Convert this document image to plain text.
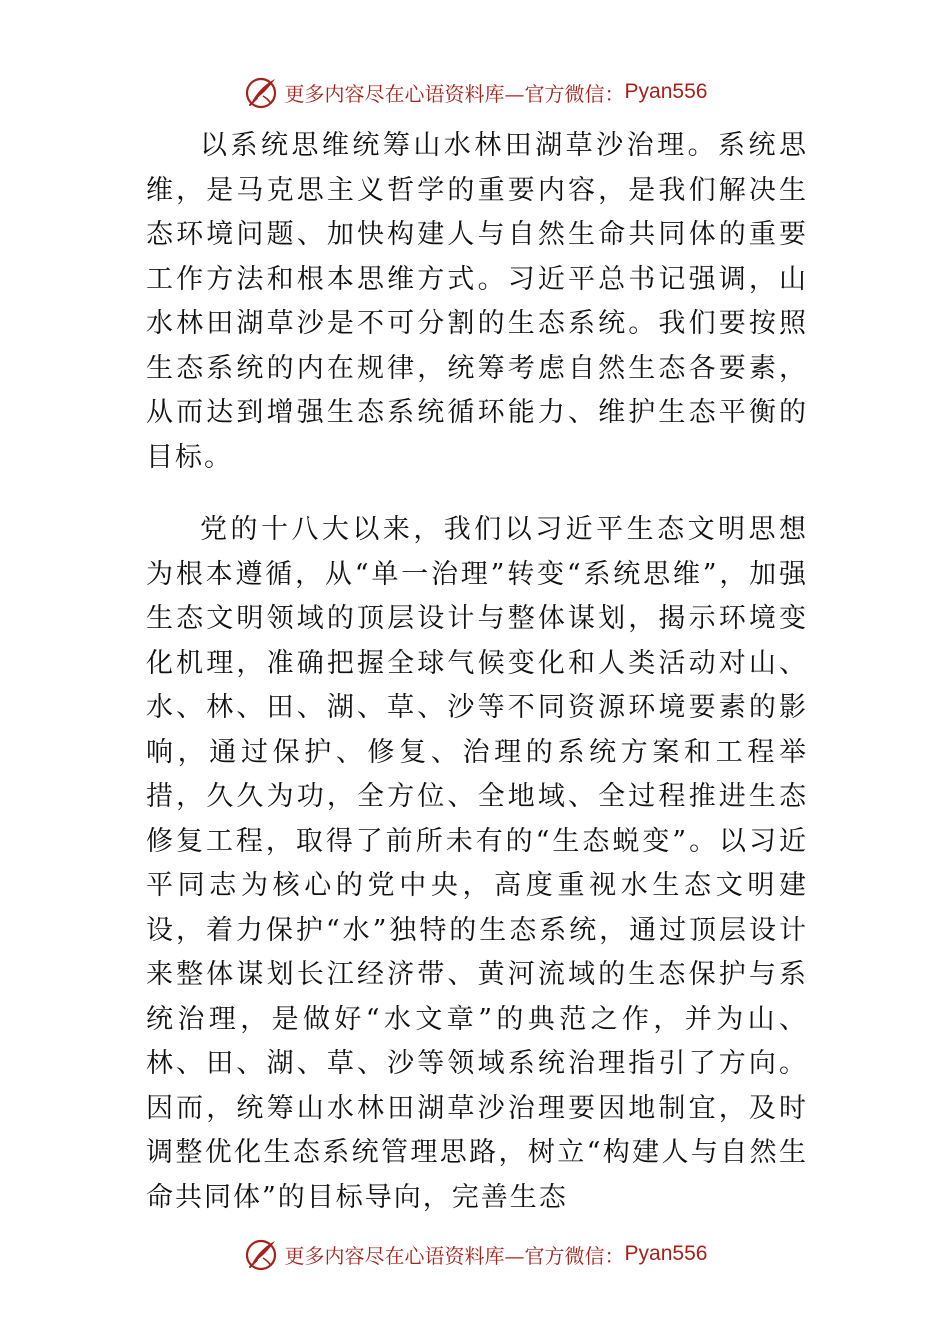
更多内容尽在心语资料库—官方微信： Pyan556

以系统思维统筹山水林田湖草沙治理。系统思维，是马克思主义哲学的重要内容，是我们解决生态环境问题、加快构建人与自然生命共同体的重要工作方法和根本思维方式。习近平总书记强调，山水林田湖草沙是不可分割的生态系统。我们要按照生态系统的内在规律，统筹考虑自然生态各要素，从而达到增强生态系统循环能力、维护生态平衡的目标。

党的十八大以来，我们以习近平生态文明思想为根本遵循，从“单一治理”转变“系统思维”，加强生态文明领域的顶层设计与整体谋划，揭示环境变化机理，准确把握全球气候变化和人类活动对山、水、林、田、湖、草、沙等不同资源环境要素的影响，通过保护、修复、治理的系统方案和工程举措，久久为功，全方位、全地域、全过程推进生态修复工程，取得了前所未有的“生态蜕变”。以习近平同志为核心的党中央，高度重视水生态文明建设，着力保护“水”独特的生态系统，通过顶层设计来整体谋划长江经济带、黄河流域的生态保护与系统治理，是做好“水文章”的典范之作，并为山、林、田、湖、草、沙等领域系统治理指引了方向。因而，统筹山水林田湖草沙治理要因地制宜，及时调整优化生态系统管理思路，树立“构建人与自然生命共同体”的目标导向，完善生态

更多内容尽在心语资料库—官方微信： Pyan556
